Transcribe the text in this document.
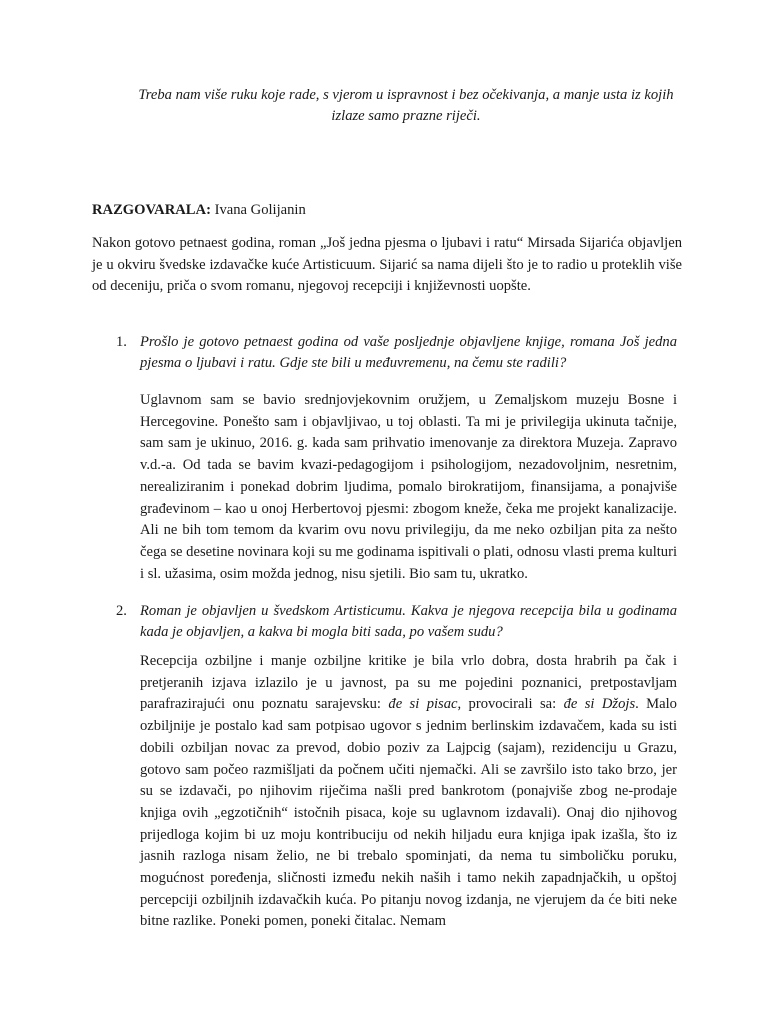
Treba nam više ruku koje rade, s vjerom u ispravnost i bez očekivanja, a manje usta iz kojih izlaze samo prazne riječi.

RAZGOVARALA: Ivana Golijanin

Nakon gotovo petnaest godina, roman „Još jedna pjesma o ljubavi i ratu“ Mirsada Sijarića objavljen je u okviru švedske izdavačke kuće Artisticuum. Sijarić sa nama dijeli što je to radio u proteklih više od deceniju, priča o svom romanu, njegovoj recepciji i književnosti uopšte.

1. Prošlo je gotovo petnaest godina od vaše posljednje objavljene knjige, romana Još jedna pjesma o ljubavi i ratu. Gdje ste bili u međuvremenu, na čemu ste radili?

Uglavnom sam se bavio srednjovjekovnim oružjem, u Zemaljskom muzeju Bosne i Hercegovine. Ponešto sam i objavljivao, u toj oblasti. Ta mi je privilegija ukinuta tačnije, sam sam je ukinuo, 2016. g. kada sam prihvatio imenovanje za direktora Muzeja. Zapravo v.d.-a. Od tada se bavim kvazi-pedagogijom i psihologijom, nezadovoljnim, nesretnim, nerealiziranim i ponekad dobrim ljudima, pomalo birokratijom, finansijama, a ponajviše građevinom – kao u onoj Herbertovoj pjesmi: zbogom kneže, čeka me projekt kanalizacije. Ali ne bih tom temom da kvarim ovu novu privilegiju, da me neko ozbiljan pita za nešto čega se desetine novinara koji su me godinama ispitivali o plati, odnosu vlasti prema kulturi i sl. užasima, osim možda jednog, nisu sjetili. Bio sam tu, ukratko.

2. Roman je objavljen u švedskom Artisticumu. Kakva je njegova recepcija bila u godinama kada je objavljen, a kakva bi mogla biti sada, po vašem sudu?

Recepcija ozbiljne i manje ozbiljne kritike je bila vrlo dobra, dosta hrabrih pa čak i pretjeranih izjava izlazilo je u javnost, pa su me pojedini poznanici, pretpostavljam parafrazirajući onu poznatu sarajevsku: đe si pisac, provocirali sa: đe si Džojs. Malo ozbiljnije je postalo kad sam potpisao ugovor s jednim berlinskim izdavačem, kada su isti dobili ozbiljan novac za prevod, dobio poziv za Lajpcig (sajam), rezidenciju u Grazu, gotovo sam počeo razmišljati da počnem učiti njemački. Ali se završilo isto tako brzo, jer su se izdavači, po njihovim riječima našli pred bankrotom (ponajviše zbog ne-prodaje knjiga ovih „egzotičnih“ istočnih pisaca, koje su uglavnom izdavali). Onaj dio njihovog prijedloga kojim bi uz moju kontribuciju od nekih hiljadu eura knjiga ipak izašla, što iz jasnih razloga nisam želio, ne bi trebalo spominjati, da nema tu simboličku poruku, mogućnost poređenja, sličnosti između nekih naših i tamo nekih zapadnjačkih, u opštoj percepciji ozbiljnih izdavačkih kuća. Po pitanju novog izdanja, ne vjerujem da će biti neke bitne razlike. Poneki pomen, poneki čitalac. Nemam
